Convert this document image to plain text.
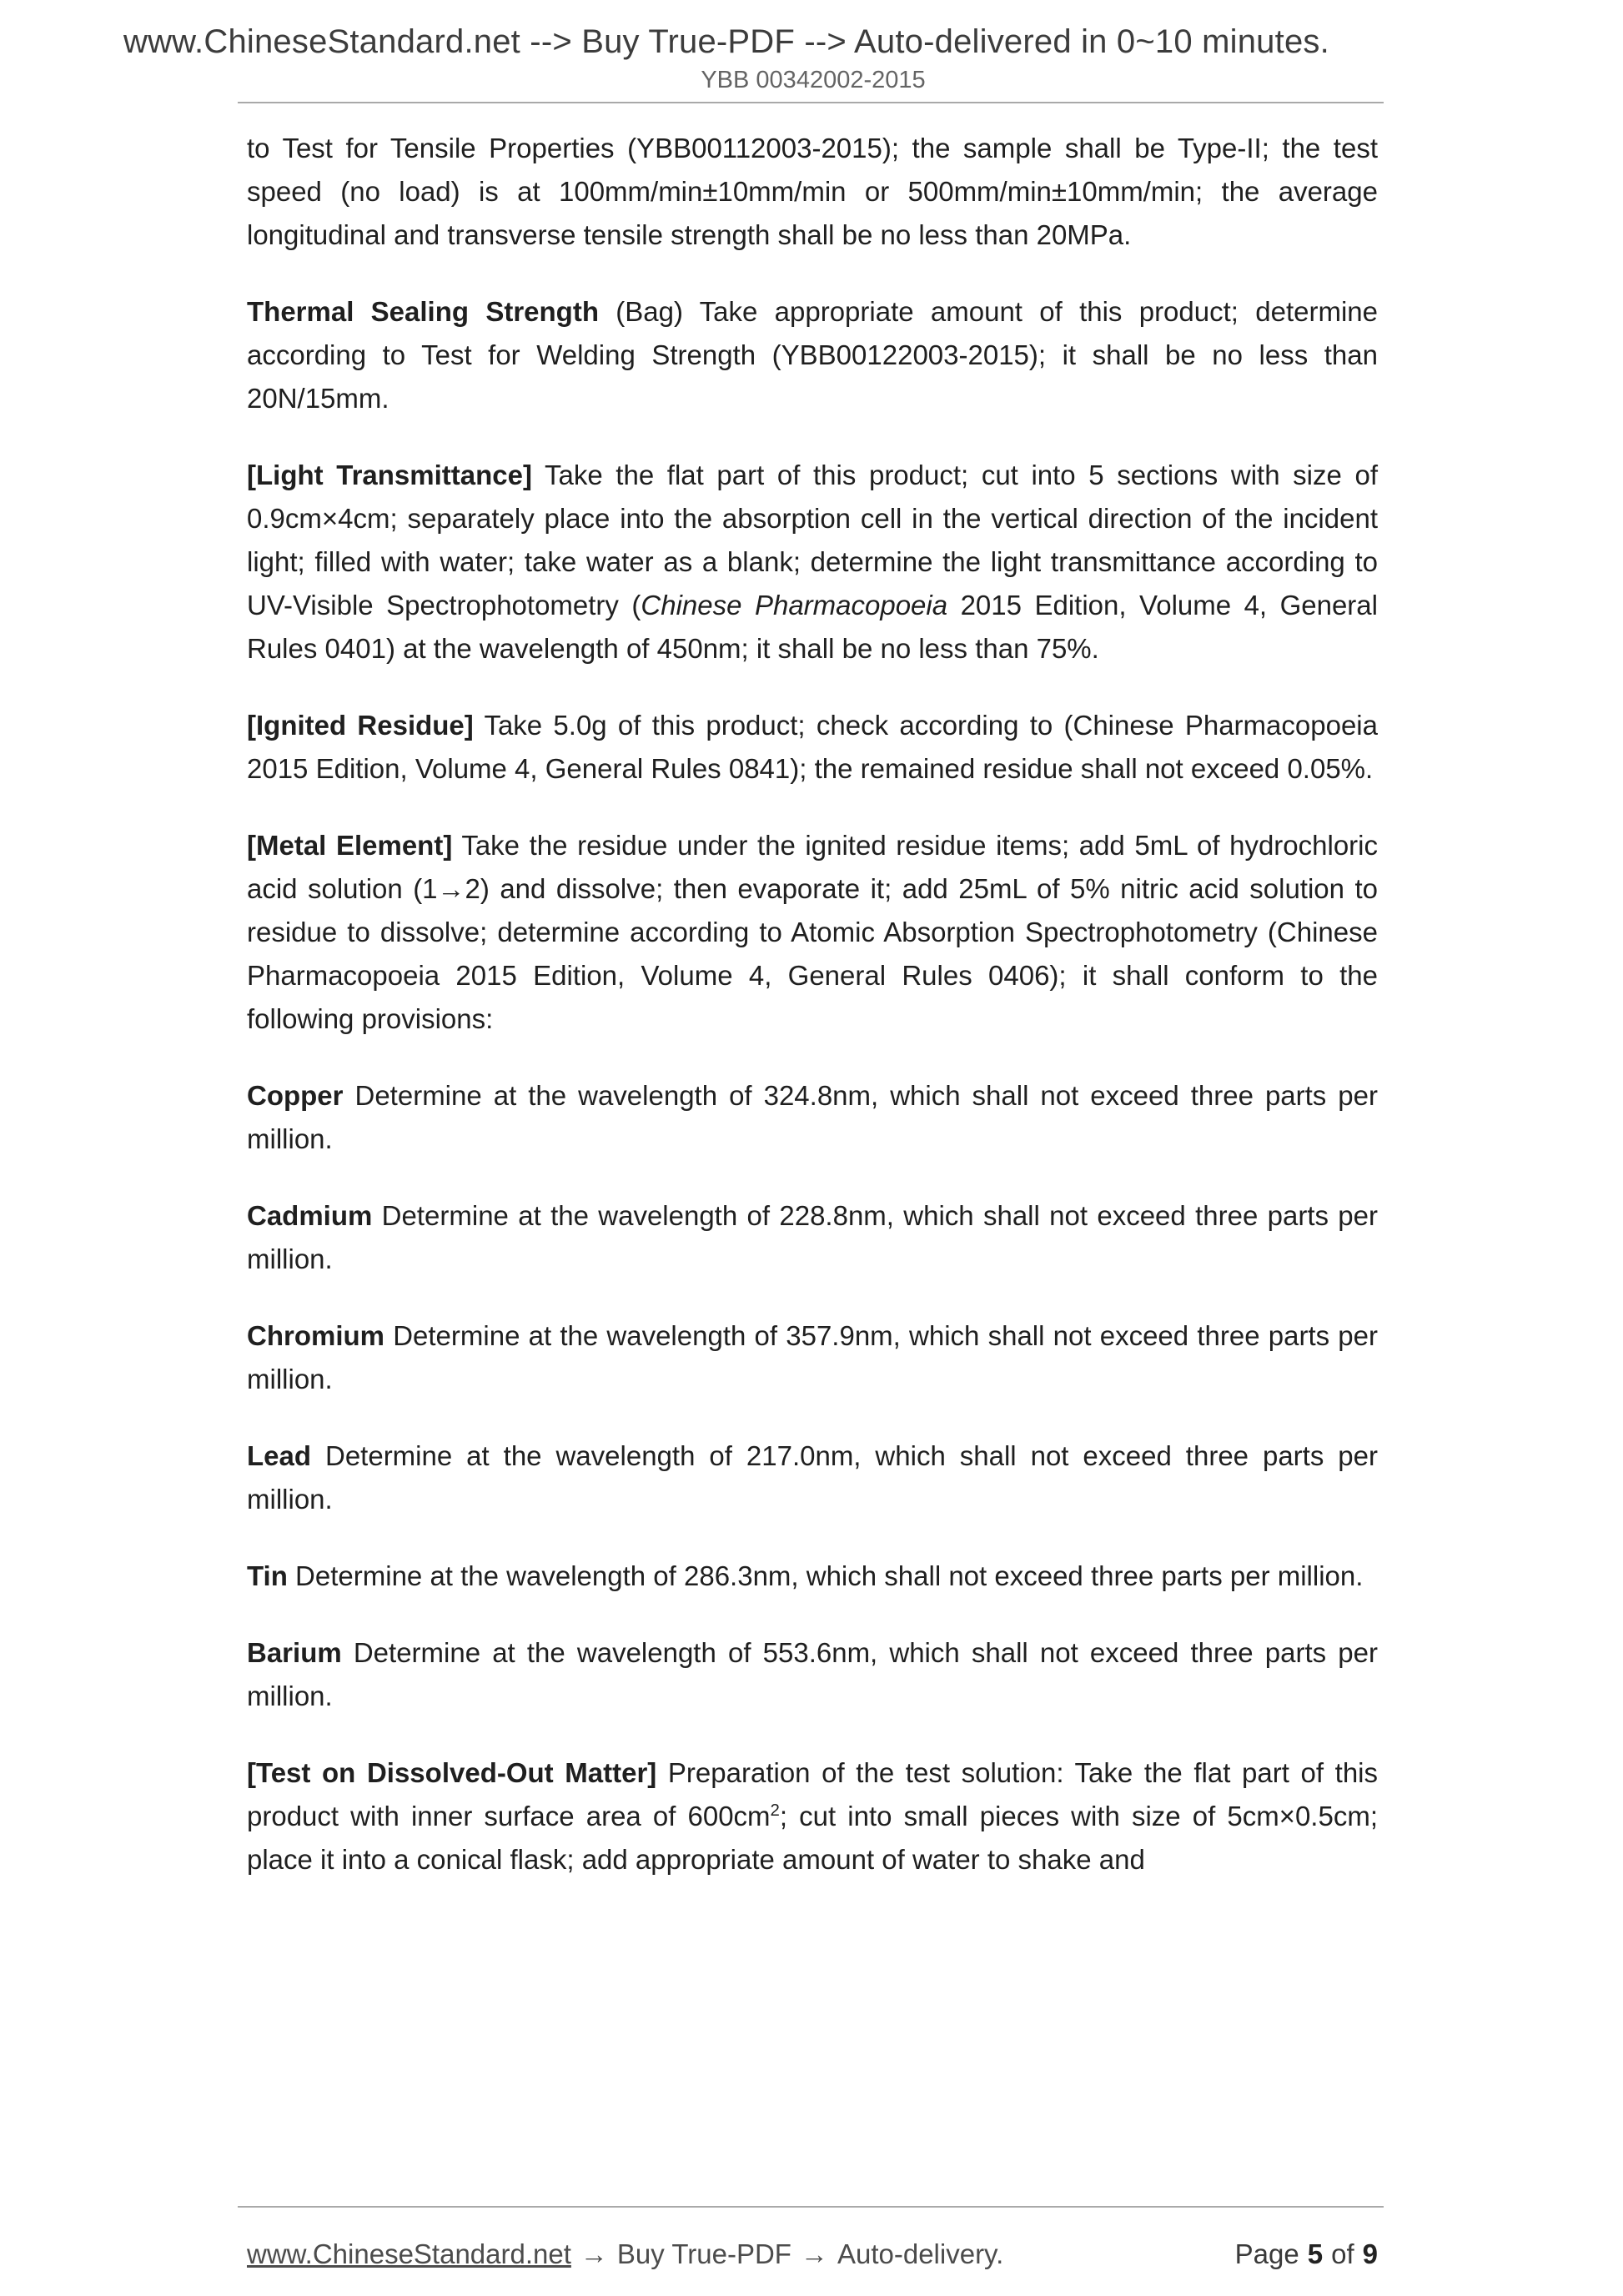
www.ChineseStandard.net --> Buy True-PDF --> Auto-delivered in 0~10 minutes.
YBB 00342002-2015

to Test for Tensile Properties (YBB00112003-2015); the sample shall be Type-II; the test speed (no load) is at 100mm/min±10mm/min or 500mm/min±10mm/min; the average longitudinal and transverse tensile strength shall be no less than 20MPa.

Thermal Sealing Strength (Bag) Take appropriate amount of this product; determine according to Test for Welding Strength (YBB00122003-2015); it shall be no less than 20N/15mm.

[Light Transmittance] Take the flat part of this product; cut into 5 sections with size of 0.9cm×4cm; separately place into the absorption cell in the vertical direction of the incident light; filled with water; take water as a blank; determine the light transmittance according to UV-Visible Spectrophotometry (Chinese Pharmacopoeia 2015 Edition, Volume 4, General Rules 0401) at the wavelength of 450nm; it shall be no less than 75%.

[Ignited Residue] Take 5.0g of this product; check according to (Chinese Pharmacopoeia 2015 Edition, Volume 4, General Rules 0841); the remained residue shall not exceed 0.05%.

[Metal Element] Take the residue under the ignited residue items; add 5mL of hydrochloric acid solution (1→2) and dissolve; then evaporate it; add 25mL of 5% nitric acid solution to residue to dissolve; determine according to Atomic Absorption Spectrophotometry (Chinese Pharmacopoeia 2015 Edition, Volume 4, General Rules 0406); it shall conform to the following provisions:

Copper Determine at the wavelength of 324.8nm, which shall not exceed three parts per million.

Cadmium Determine at the wavelength of 228.8nm, which shall not exceed three parts per million.

Chromium Determine at the wavelength of 357.9nm, which shall not exceed three parts per million.

Lead Determine at the wavelength of 217.0nm, which shall not exceed three parts per million.

Tin Determine at the wavelength of 286.3nm, which shall not exceed three parts per million.

Barium Determine at the wavelength of 553.6nm, which shall not exceed three parts per million.

[Test on Dissolved-Out Matter] Preparation of the test solution: Take the flat part of this product with inner surface area of $600cm^2$; cut into small pieces with size of 5cm×0.5cm; place it into a conical flask; add appropriate amount of water to shake and

www.ChineseStandard.net → Buy True-PDF → Auto-delivery.	Page 5 of 9
